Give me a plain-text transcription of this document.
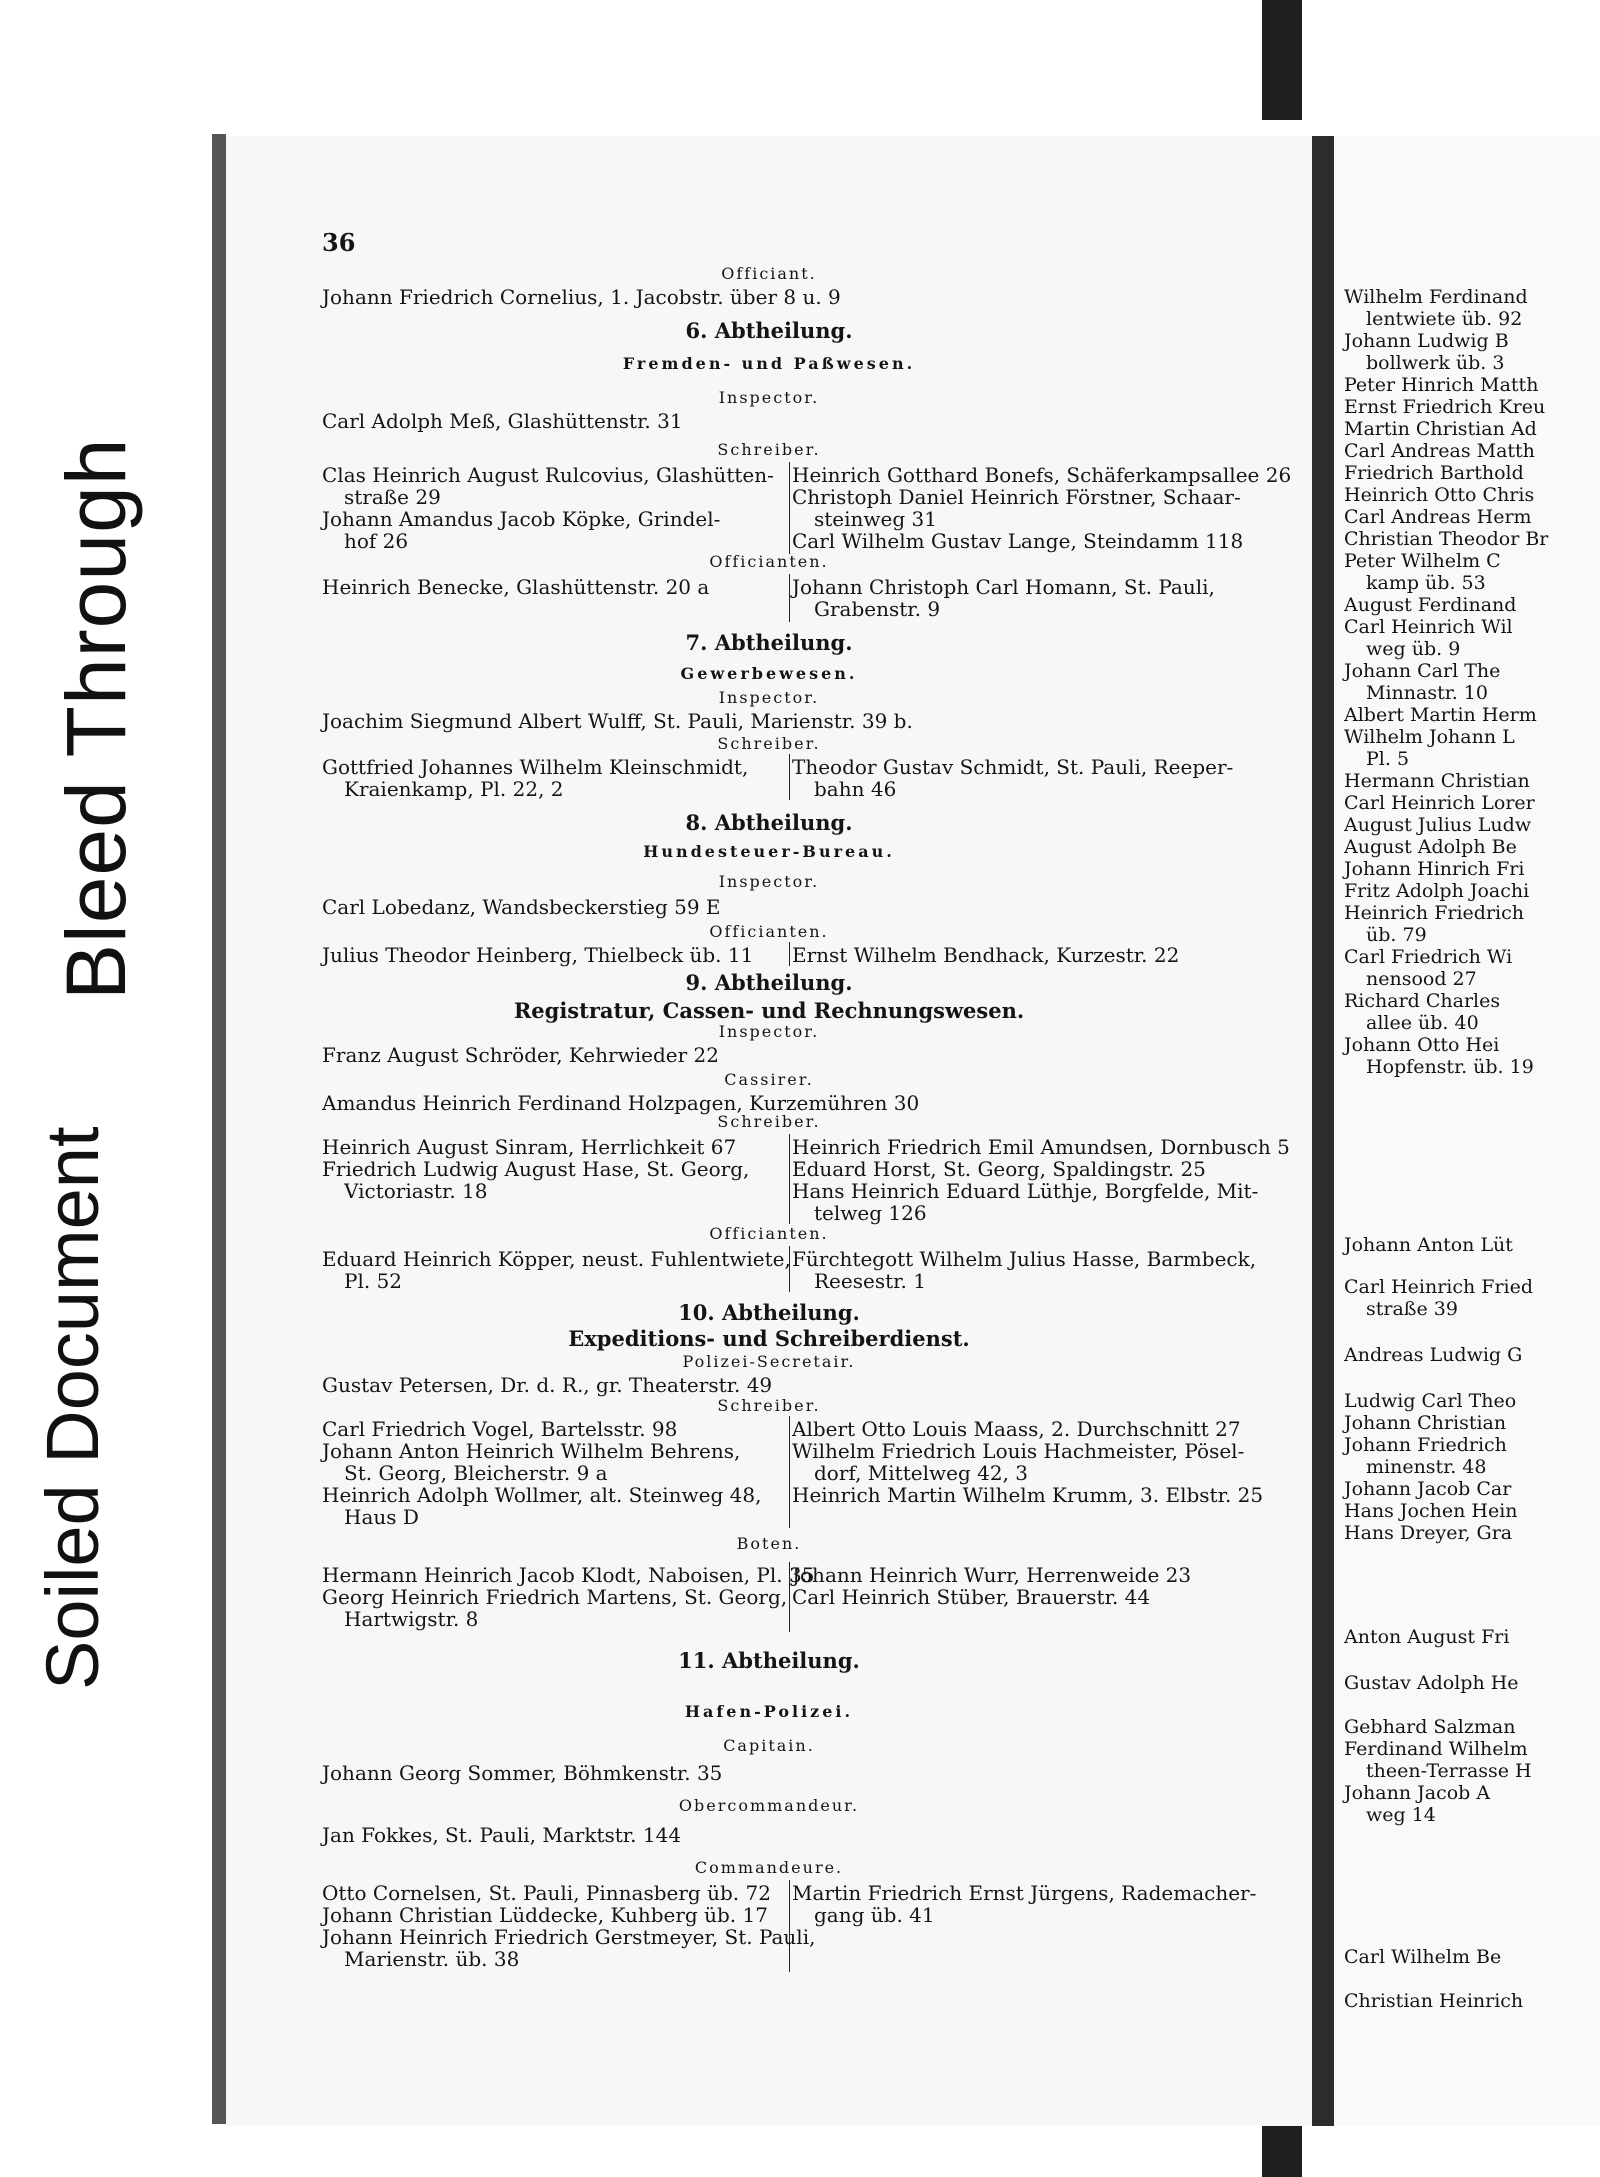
Bleed Through
Soiled Document
36
Officiant.
Johann Friedrich Cornelius, 1. Jacobstr. über 8 u. 9
6. Abtheilung.
Fremden- und Paßwesen.
Inspector.
Carl Adolph Meß, Glashüttenstr. 31
Schreiber.
Clas Heinrich August Rulcovius, Glashütten-
straße 29
Johann Amandus Jacob Köpke, Grindel-
hof 26
Heinrich Gotthard Bonefs, Schäferkampsallee 26
Christoph Daniel Heinrich Förstner, Schaar-
steinweg 31
Carl Wilhelm Gustav Lange, Steindamm 118
Officianten.
Heinrich Benecke, Glashüttenstr. 20 a	Johann Christoph Carl Homann, St. Pauli,
Grabenstr. 9
7. Abtheilung.
Gewerbewesen.
Inspector.
Joachim Siegmund Albert Wulff, St. Pauli, Marienstr. 39 b.
Schreiber.
Gottfried Johannes Wilhelm Kleinschmidt,
Kraienkamp, Pl. 22, 2
Theodor Gustav Schmidt, St. Pauli, Reeper-
bahn 46
8. Abtheilung.
Hundesteuer-Bureau.
Inspector.
Carl Lobedanz, Wandsbeckerstieg 59 E
Officianten.
Julius Theodor Heinberg, Thielbeck üb. 11 Ernst Wilhelm Bendhack, Kurzestr. 22
9. Abtheilung.
Registratur, Cassen- und Rechnungswesen.
Inspector.
Franz August Schröder, Kehrwieder 22
Cassirer.
Amandus Heinrich Ferdinand Holzpagen, Kurzemühren 30
Schreiber.
Heinrich August Sinram, Herrlichkeit 67
Friedrich Ludwig August Hase, St. Georg,
Victoriastr. 18
Heinrich Friedrich Emil Amundsen, Dornbusch 5
Eduard Horst, St. Georg, Spaldingstr. 25
Hans Heinrich Eduard Lüthje, Borgfelde, Mit-
telweg 126
Officianten.
Eduard Heinrich Köpper, neust. Fuhlentwiete,
Pl. 52
Fürchtegott Wilhelm Julius Hasse, Barmbeck,
Reesestr. 1
10. Abtheilung.
Expeditions- und Schreiberdienst.
Polizei-Secretair.
Gustav Petersen, Dr. d. R., gr. Theaterstr. 49
Schreiber.
Carl Friedrich Vogel, Bartelsstr. 98
Johann Anton Heinrich Wilhelm Behrens,
St. Georg, Bleicherstr. 9 a
Heinrich Adolph Wollmer, alt. Steinweg 48,
Haus D
Albert Otto Louis Maass, 2. Durchschnitt 27
Wilhelm Friedrich Louis Hachmeister, Pösel-
dorf, Mittelweg 42, 3
Heinrich Martin Wilhelm Krumm, 3. Elbstr. 25
Boten.
Hermann Heinrich Jacob Klodt, Naboisen, Pl. 35
Georg Heinrich Friedrich Martens, St. Georg,
Hartwigstr. 8
Johann Heinrich Wurr, Herrenweide 23
Carl Heinrich Stüber, Brauerstr. 44
11. Abtheilung.
Hafen-Polizei.
Capitain.
Johann Georg Sommer, Böhmkenstr. 35
Obercommandeur.
Jan Fokkes, St. Pauli, Marktstr. 144
Commandeure.
Otto Cornelsen, St. Pauli, Pinnasberg üb. 72
Johann Christian Lüddecke, Kuhberg üb. 17
Johann Heinrich Friedrich Gerstmeyer, St. Pauli,
Marienstr. üb. 38
Martin Friedrich Ernst Jürgens, Rademacher-
gang üb. 41
Wilhelm Ferdinand
lentwiete üb. 92
Johann Ludwig B
bollwerk üb. 3
Peter Hinrich Matth
Ernst Friedrich Kreu
Martin Christian Ad
Carl Andreas Matth
Friedrich Barthold
Heinrich Otto Chris
Carl Andreas Herm
Christian Theodor Br
Peter Wilhelm C
kamp üb. 53
August Ferdinand
Carl Heinrich Wil
weg üb. 9
Johann Carl The
Minnastr. 10
Albert Martin Herm
Wilhelm Johann L
Pl. 5
Hermann Christian
Carl Heinrich Lorer
August Julius Ludw
August Adolph Be
Johann Hinrich Fri
Fritz Adolph Joachi
Heinrich Friedrich
üb. 79
Carl Friedrich Wi
nensood 27
Richard Charles
allee üb. 40
Johann Otto Hei
Hopfenstr. üb. 19
Johann Anton Lüt
Carl Heinrich Fried
straße 39
Andreas Ludwig G
Ludwig Carl Theo
Johann Christian
Johann Friedrich
minenstr. 48
Johann Jacob Car
Hans Jochen Hein
Hans Dreyer, Gra
Anton August Fri
Gustav Adolph He
Gebhard Salzman
Ferdinand Wilhelm
theen-Terrasse H
Johann Jacob A
weg 14
Carl Wilhelm Be
Christian Heinrich
